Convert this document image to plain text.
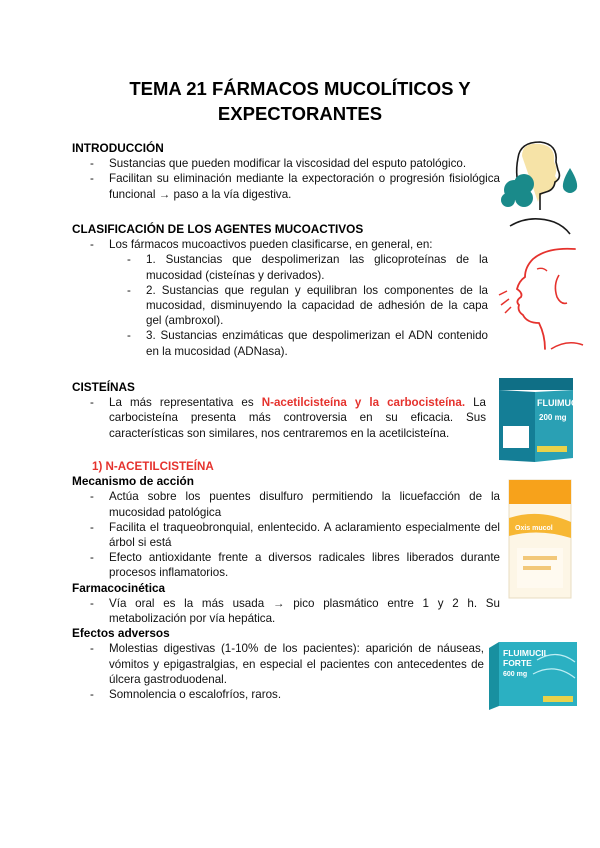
TEMA 21 FÁRMACOS MUCOLÍTICOS Y
EXPECTORANTES
INTRODUCCIÓN
- Sustancias que pueden modificar la viscosidad del esputo patológico.
- Facilitan su eliminación mediante la expectoración o progresión fisiológica funcional → paso a la vía digestiva.
CLASIFICACIÓN DE LOS AGENTES MUCOACTIVOS
- Los fármacos mucoactivos pueden clasificarse, en general, en:
- 1. Sustancias que despolimerizan las glicoproteínas de la mucosidad (cisteínas y derivados).
- 2. Sustancias que regulan y equilibran los componentes de la mucosidad, disminuyendo la capacidad de adhesión de la capa gel (ambroxol).
- 3. Sustancias enzimáticas que despolimerizan el ADN contenido en la mucosidad (ADNasa).
CISTEÍNAS
- La más representativa es N-acetilcisteína y la carbocisteína. La carbocisteína presenta más controversia en su eficacia. Sus características son similares, nos centraremos en la acetilcisteína.
1) N-ACETILCISTEÍNA
Mecanismo de acción
- Actúa sobre los puentes disulfuro permitiendo la licuefacción de la mucosidad patológica
- Facilita el traqueobronquial, enlentecido. A aclaramiento especialmente del árbol si está
- Efecto antioxidante frente a diversos radicales libres liberados durante procesos inflamatorios.
Farmacocinética
- Vía oral es la más usada → pico plasmático entre 1 y 2 h. Su metabolización por vía hepática.
Efectos adversos
- Molestias digestivas (1-10% de los pacientes): aparición de náuseas, vómitos y epigastralgias, en especial el pacientes con antecedentes de úlcera gastroduodenal.
- Somnolencia o escalofríos, raros.
FLUIMUCIL
200 mg
Oxis mucol
FLUIMUCIL
FORTE
600 mg
